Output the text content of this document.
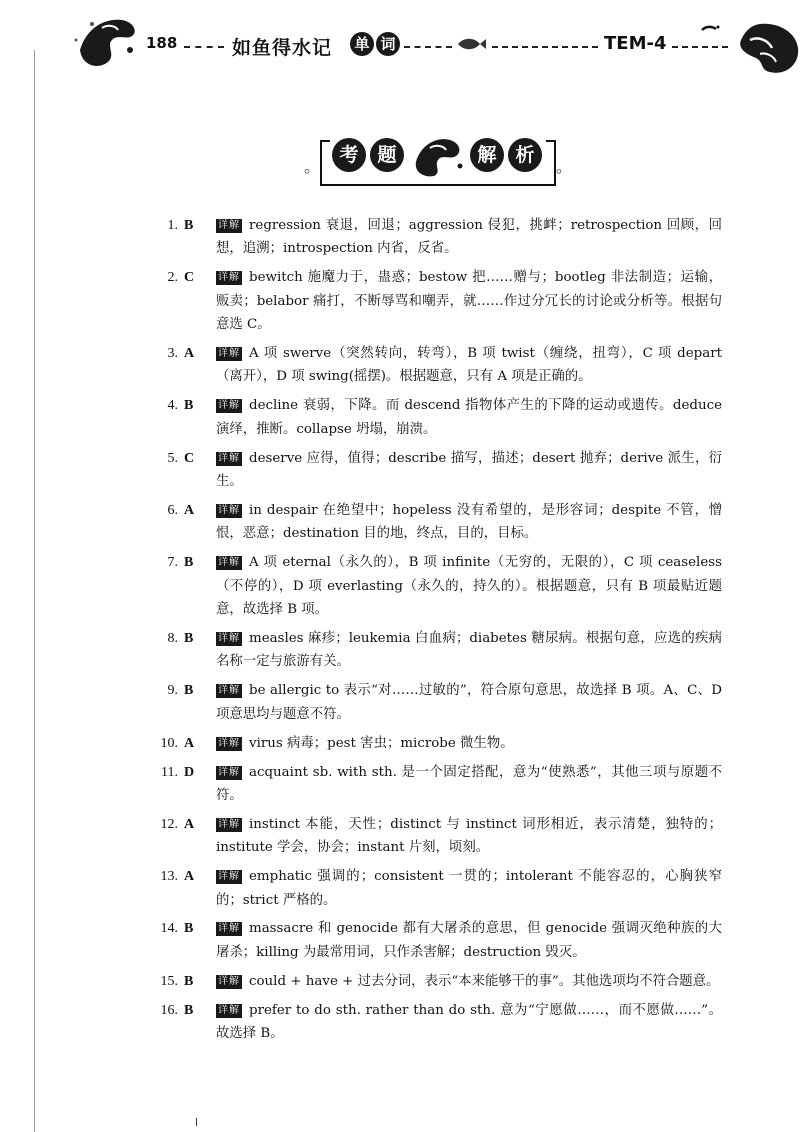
188	如鱼得水记 单 词	TEM-4
。
考 题	解 析
。
1. B 详解 regression 衰退，回退；aggression 侵犯，挑衅；retrospection 回顾，回想，追溯；introspection 内省，反省。
2. C 详解 bewitch 施魔力于，蛊惑；bestow 把……赠与；bootleg 非法制造；运输，贩卖；belabor 痛打，不断辱骂和嘲弄，就……作过分冗长的讨论或分析等。根据句意选 C。
3. A 详解 A 项 swerve（突然转向，转弯），B 项 twist（缠绕，扭弯），C 项 depart（离开），D 项 swing(摇摆)。根据题意，只有 A 项是正确的。
4. B 详解 decline 衰弱，下降。而 descend 指物体产生的下降的运动或遗传。deduce 演绎，推断。collapse 坍塌，崩溃。
5. C 详解 deserve 应得，值得；describe 描写，描述；desert 抛弃；derive 派生，衍生。
6. A 详解 in despair 在绝望中；hopeless 没有希望的，是形容词；despite 不管，憎恨，恶意；destination 目的地，终点，目的，目标。
7. B 详解 A 项 eternal（永久的），B 项 infinite（无穷的，无限的），C 项 ceaseless（不停的），D 项 everlasting（永久的，持久的）。根据题意，只有 B 项最贴近题意，故选择 B 项。
8. B 详解 measles 麻疹；leukemia 白血病；diabetes 糖尿病。根据句意，应选的疾病名称一定与旅游有关。
9. B 详解 be allergic to 表示“对……过敏的”，符合原句意思，故选择 B 项。A、C、D 项意思均与题意不符。
10. A 详解 virus 病毒；pest 害虫；microbe 微生物。
11. D 详解 acquaint sb. with sth. 是一个固定搭配，意为“使熟悉”，其他三项与原题不符。
12. A 详解 instinct 本能，天性；distinct 与 instinct 词形相近，表示清楚，独特的；institute 学会，协会；instant 片刻，顷刻。
13. A 详解 emphatic 强调的；consistent 一贯的；intolerant 不能容忍的，心胸狭窄的；strict 严格的。
14. B 详解 massacre 和 genocide 都有大屠杀的意思，但 genocide 强调灭绝种族的大屠杀；killing 为最常用词，只作杀害解；destruction 毁灭。
15. B 详解 could + have + 过去分词，表示“本来能够干的事”。其他选项均不符合题意。
16. B 详解 prefer to do sth. rather than do sth. 意为“宁愿做……，而不愿做……”。故选择 B。
